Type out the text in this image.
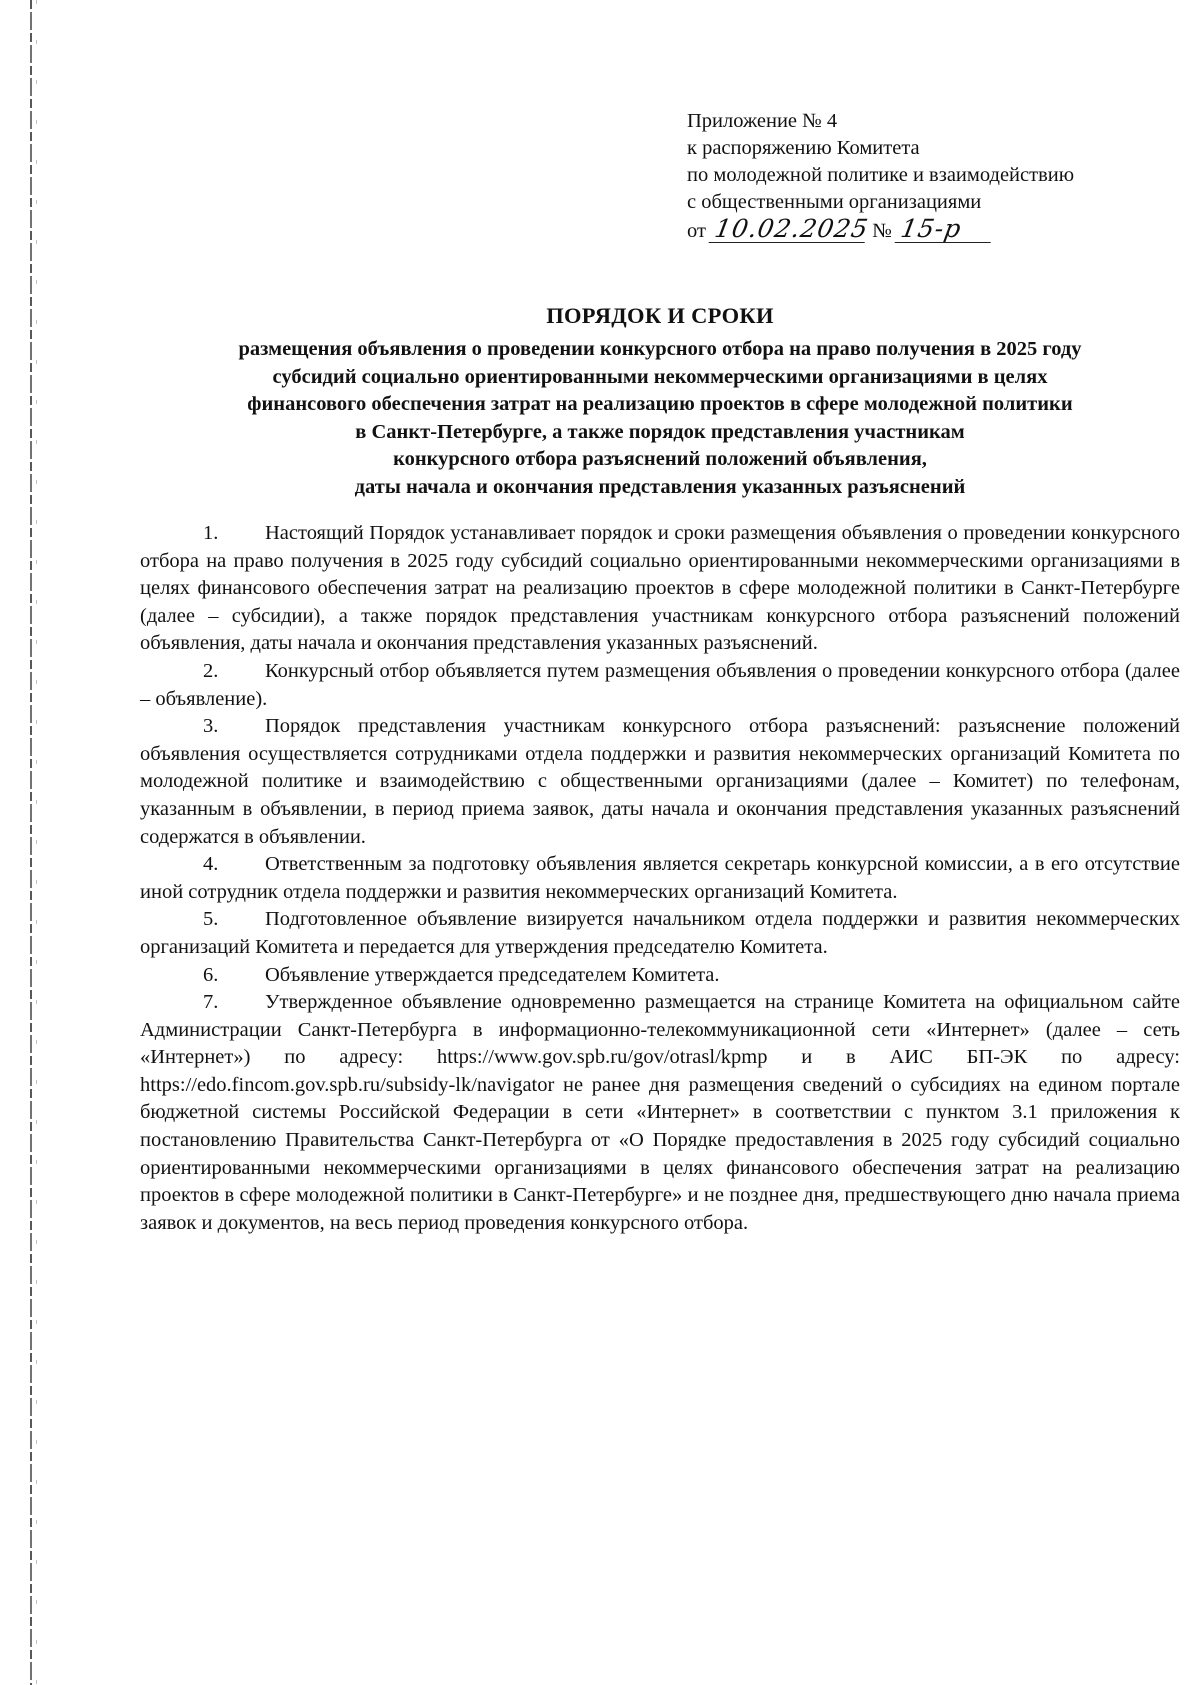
Приложение № 4
к распоряжению Комитета
по молодежной политике и взаимодействию
с общественными организациями
от 10.02.2025 № 15-р
ПОРЯДОК И СРОКИ
размещения объявления о проведении конкурсного отбора на право получения в 2025 году
субсидий социально ориентированными некоммерческими организациями в целях
финансового обеспечения затрат на реализацию проектов в сфере молодежной политики
в Санкт-Петербурге, а также порядок представления участникам
конкурсного отбора разъяснений положений объявления,
даты начала и окончания представления указанных разъяснений

1. Настоящий Порядок устанавливает порядок и сроки размещения объявления о проведении конкурсного отбора на право получения в 2025 году субсидий социально ориентированными некоммерческими организациями в целях финансового обеспечения затрат на реализацию проектов в сфере молодежной политики в Санкт-Петербурге (далее – субсидии), а также порядок представления участникам конкурсного отбора разъяснений положений объявления, даты начала и окончания представления указанных разъяснений.

2. Конкурсный отбор объявляется путем размещения объявления о проведении конкурсного отбора (далее – объявление).

3. Порядок представления участникам конкурсного отбора разъяснений: разъяснение положений объявления осуществляется сотрудниками отдела поддержки и развития некоммерческих организаций Комитета по молодежной политике и взаимодействию с общественными организациями (далее – Комитет) по телефонам, указанным в объявлении, в период приема заявок, даты начала и окончания представления указанных разъяснений содержатся в объявлении.

4. Ответственным за подготовку объявления является секретарь конкурсной комиссии, а в его отсутствие иной сотрудник отдела поддержки и развития некоммерческих организаций Комитета.

5. Подготовленное объявление визируется начальником отдела поддержки и развития некоммерческих организаций Комитета и передается для утверждения председателю Комитета.

6. Объявление утверждается председателем Комитета.

7. Утвержденное объявление одновременно размещается на странице Комитета на официальном сайте Администрации Санкт-Петербурга в информационно-телекоммуникационной сети «Интернет» (далее – сеть «Интернет») по адресу: https://www.gov.spb.ru/gov/otrasl/kpmp и в АИС БП-ЭК по адресу: https://edo.fincom.gov.spb.ru/subsidy-lk/navigator не ранее дня размещения сведений о субсидиях на едином портале бюджетной системы Российской Федерации в сети «Интернет» в соответствии с пунктом 3.1 приложения к постановлению Правительства Санкт-Петербурга от «О Порядке предоставления в 2025 году субсидий социально ориентированными некоммерческими организациями в целях финансового обеспечения затрат на реализацию проектов в сфере молодежной политики в Санкт-Петербурге» и не позднее дня, предшествующего дню начала приема заявок и документов, на весь период проведения конкурсного отбора.
